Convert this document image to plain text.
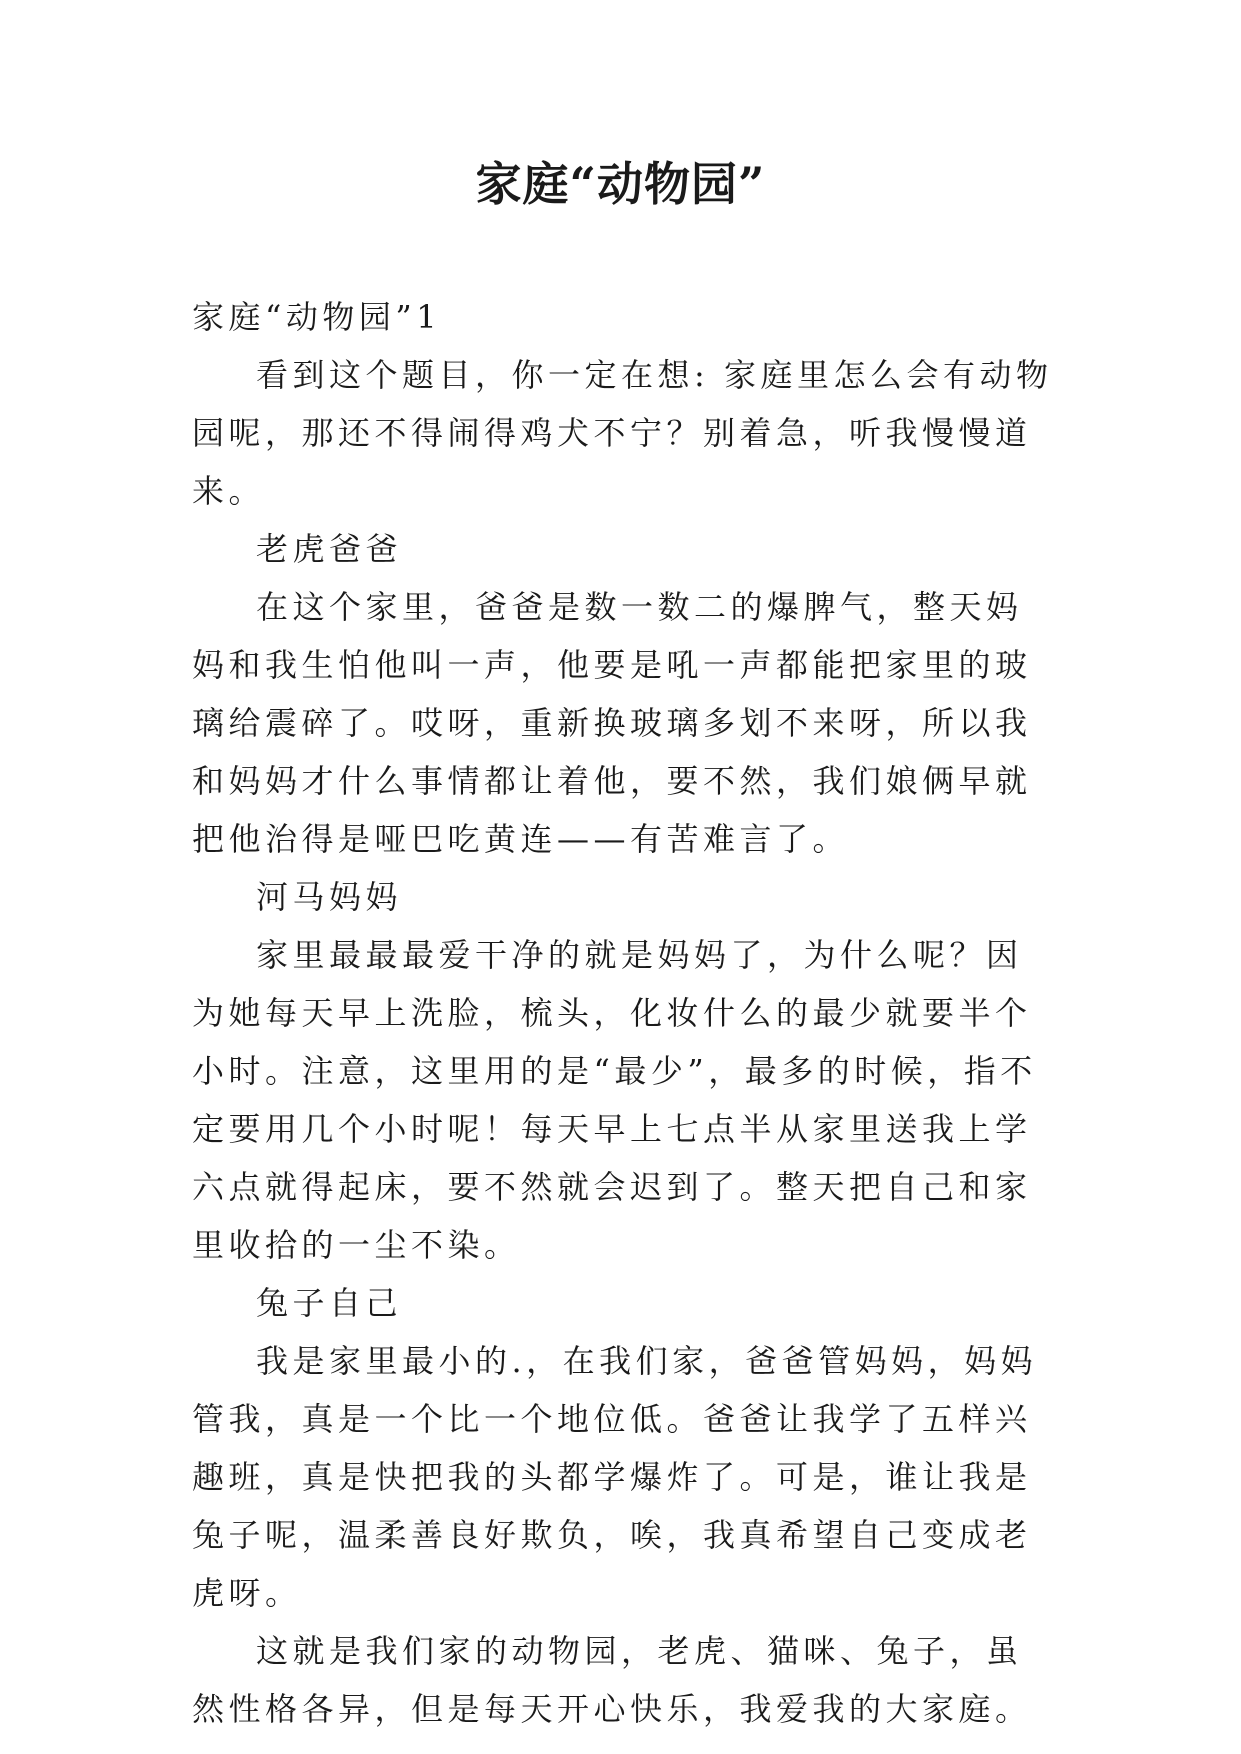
家庭“动物园”

家庭“动物园”1

看到这个题目，你一定在想: 家庭里怎么会有动物园呢，那还不得闹得鸡犬不宁？别着急，听我慢慢道来。

老虎爸爸

在这个家里，爸爸是数一数二的爆脾气，整天妈妈和我生怕他叫一声，他要是吼一声都能把家里的玻璃给震碎了。哎呀，重新换玻璃多划不来呀，所以我和妈妈才什么事情都让着他，要不然，我们娘俩早就把他治得是哑巴吃黄连——有苦难言了。

河马妈妈

家里最最最爱干净的就是妈妈了，为什么呢？因为她每天早上洗脸，梳头，化妆什么的最少就要半个小时。注意，这里用的是“最少”，最多的时候，指不定要用几个小时呢！每天早上七点半从家里送我上学六点就得起床，要不然就会迟到了。整天把自己和家里收拾的一尘不染。

兔子自己

我是家里最小的.，在我们家，爸爸管妈妈，妈妈管我，真是一个比一个地位低。爸爸让我学了五样兴趣班，真是快把我的头都学爆炸了。可是，谁让我是兔子呢，温柔善良好欺负，唉，我真希望自己变成老虎呀。

这就是我们家的动物园，老虎、猫咪、兔子，虽然性格各异，但是每天开心快乐，我爱我的大家庭。
